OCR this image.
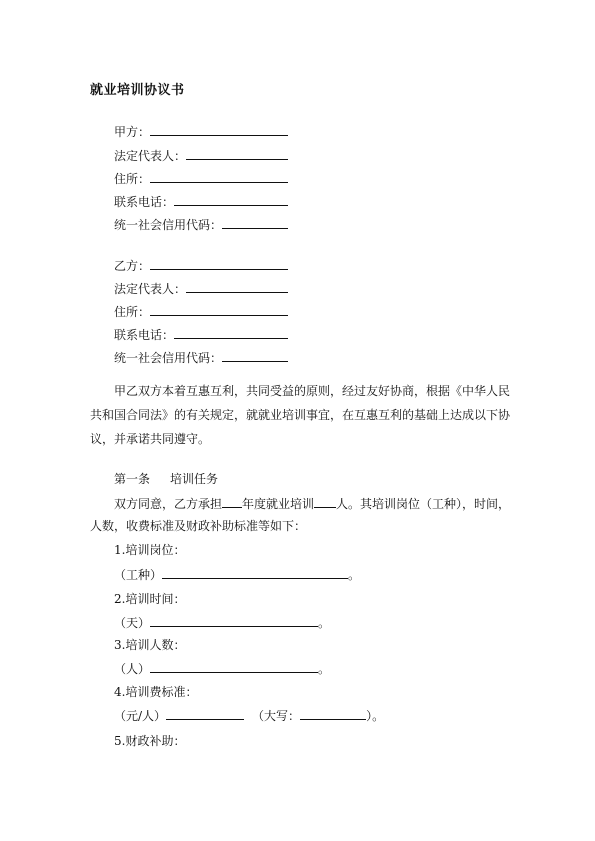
就业培训协议书
甲方：
法定代表人：
住所：
联系电话：
统一社会信用代码：
乙方：
法定代表人：
住所：
联系电话：
统一社会信用代码：
甲乙双方本着互惠互利，共同受益的原则，经过友好协商，根据《中华人民共和国合同法》的有关规定，就就业培训事宜，在互惠互利的基础上达成以下协议，并承诺共同遵守。
第一条 培训任务
双方同意，乙方承担 年度就业培训 人。其培训岗位（工种），时间，
人数，收费标准及财政补助标准等如下：
1.培训岗位：
（工种）	。
2.培训时间：
（天）	。
3.培训人数：
（人）	。
4.培训费标准：
（元/人）	（大写：	）。
5.财政补助：
